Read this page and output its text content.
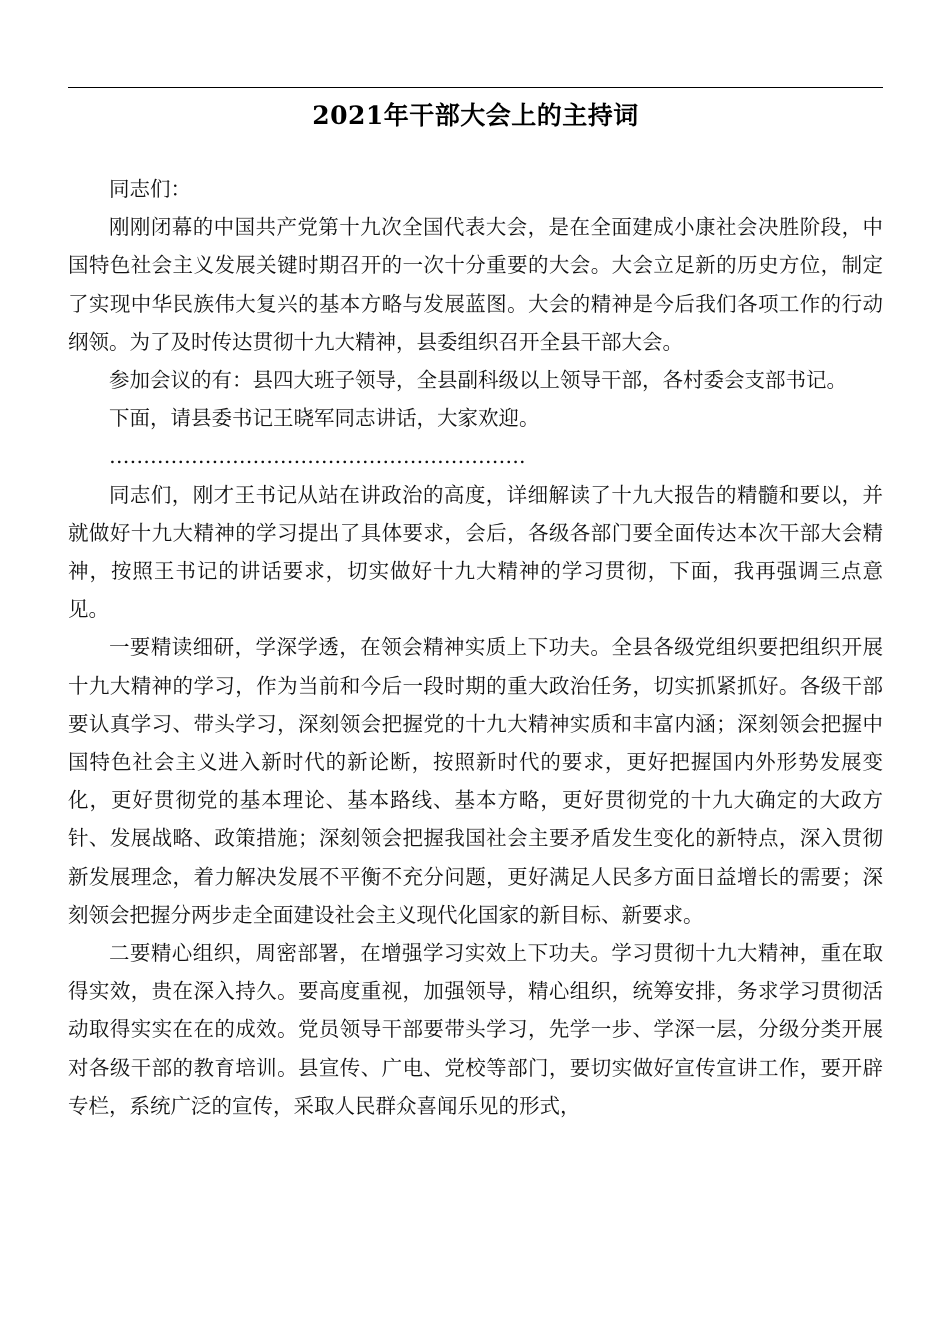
2021年干部大会上的主持词

同志们：

刚刚闭幕的中国共产党第十九次全国代表大会，是在全面建成小康社会决胜阶段，中国特色社会主义发展关键时期召开的一次十分重要的大会。大会立足新的历史方位，制定了实现中华民族伟大复兴的基本方略与发展蓝图。大会的精神是今后我们各项工作的行动纲领。为了及时传达贯彻十九大精神，县委组织召开全县干部大会。

参加会议的有：县四大班子领导，全县副科级以上领导干部，各村委会支部书记。

下面，请县委书记王晓军同志讲话，大家欢迎。

…………………………………………………….

同志们，刚才王书记从站在讲政治的高度，详细解读了十九大报告的精髓和要以，并就做好十九大精神的学习提出了具体要求，会后，各级各部门要全面传达本次干部大会精神，按照王书记的讲话要求，切实做好十九大精神的学习贯彻，下面，我再强调三点意见。

一要精读细研，学深学透，在领会精神实质上下功夫。全县各级党组织要把组织开展十九大精神的学习，作为当前和今后一段时期的重大政治任务，切实抓紧抓好。各级干部要认真学习、带头学习，深刻领会把握党的十九大精神实质和丰富内涵；深刻领会把握中国特色社会主义进入新时代的新论断，按照新时代的要求，更好把握国内外形势发展变化，更好贯彻党的基本理论、基本路线、基本方略，更好贯彻党的十九大确定的大政方针、发展战略、政策措施；深刻领会把握我国社会主要矛盾发生变化的新特点，深入贯彻新发展理念，着力解决发展不平衡不充分问题，更好满足人民多方面日益增长的需要；深刻领会把握分两步走全面建设社会主义现代化国家的新目标、新要求。

二要精心组织，周密部署，在增强学习实效上下功夫。学习贯彻十九大精神，重在取得实效，贵在深入持久。要高度重视，加强领导，精心组织，统筹安排，务求学习贯彻活动取得实实在在的成效。党员领导干部要带头学习，先学一步、学深一层，分级分类开展对各级干部的教育培训。县宣传、广电、党校等部门，要切实做好宣传宣讲工作，要开辟专栏，系统广泛的宣传，采取人民群众喜闻乐见的形式，
